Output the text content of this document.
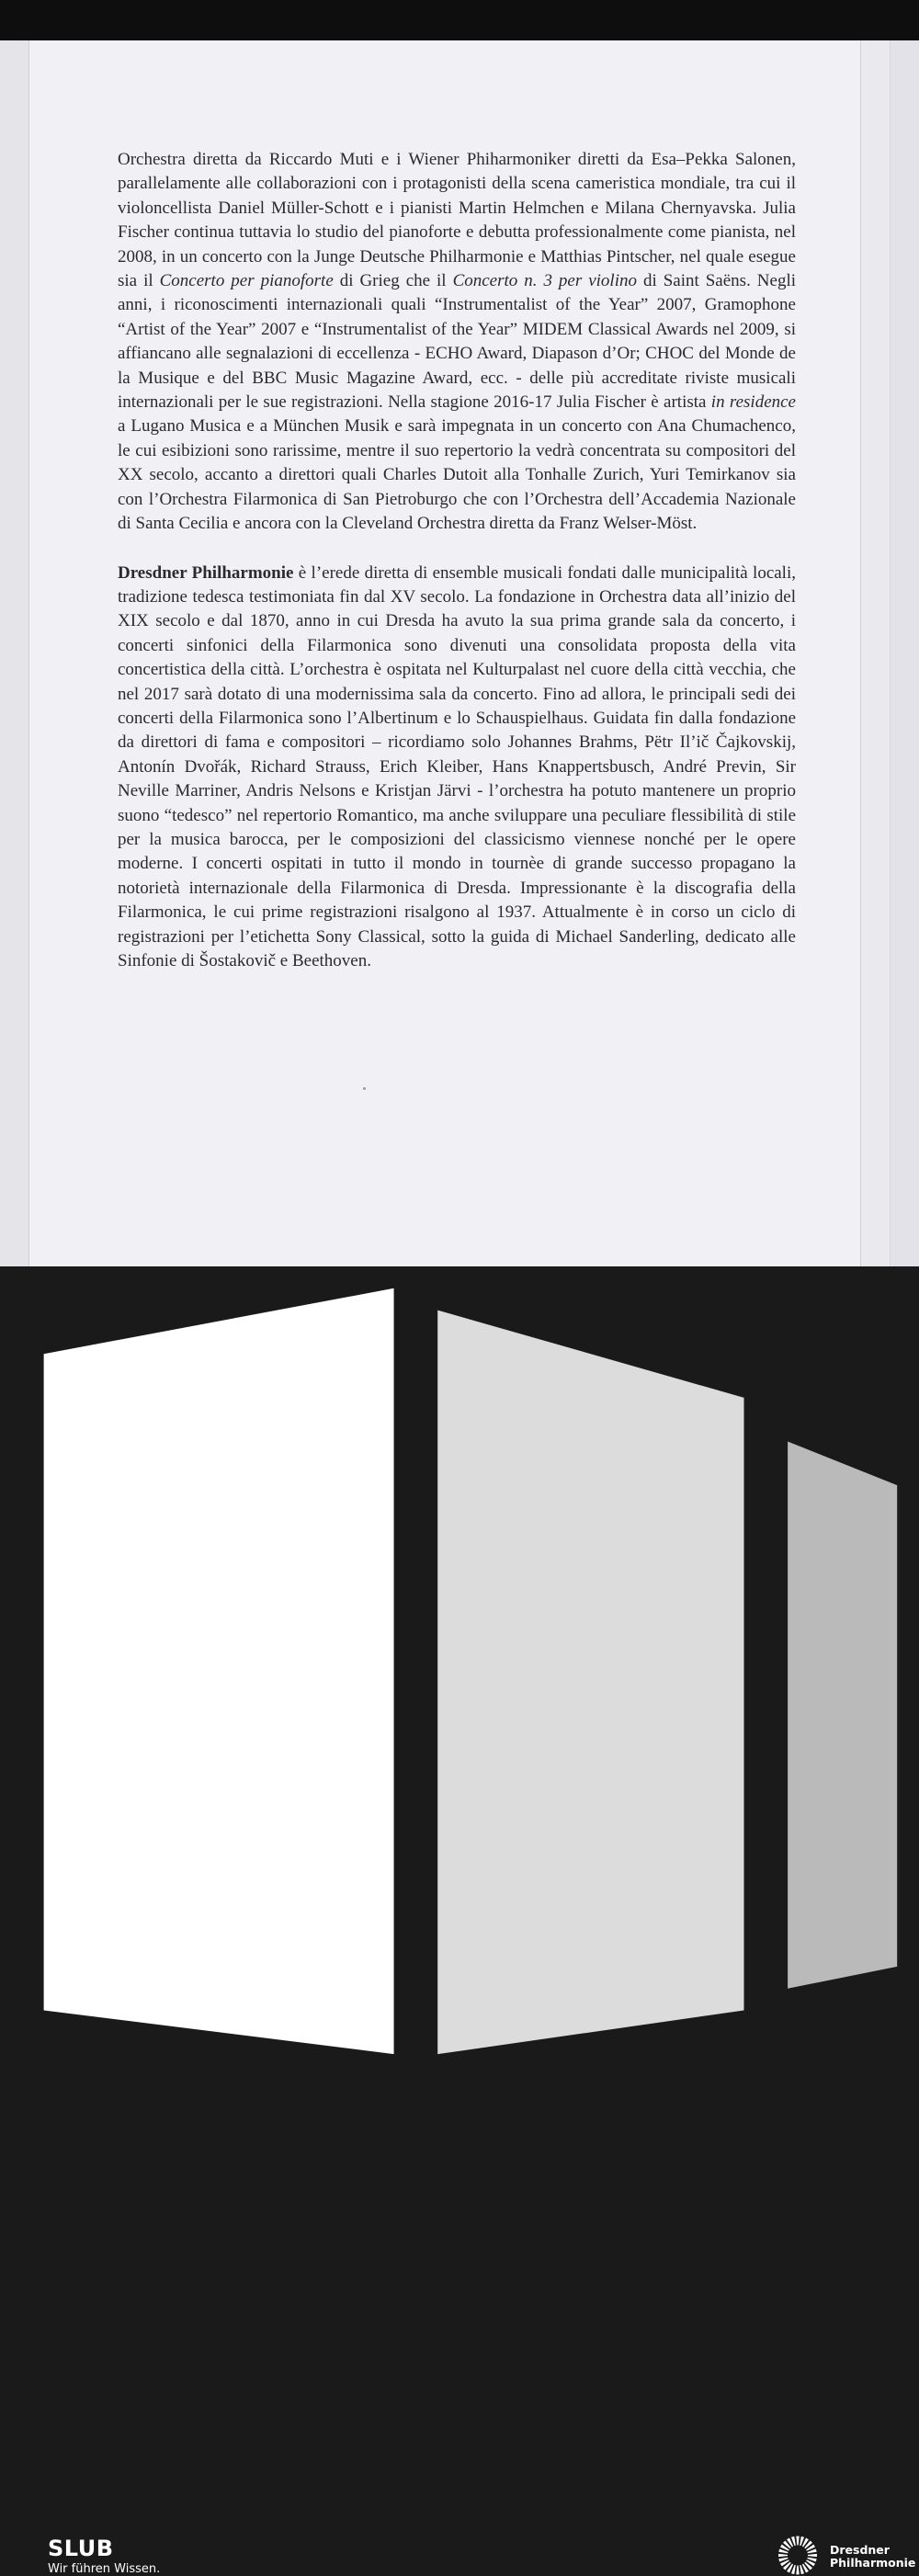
Orchestra diretta da Riccardo Muti e i Wiener Phiharmoniker diretti da Esa–Pekka Salonen, parallelamente alle collaborazioni con i protagonisti della scena cameristica mondiale, tra cui il violoncellista Daniel Müller-Schott e i pianisti Martin Helmchen e Milana Chernyavska. Julia Fischer continua tuttavia lo studio del pianoforte e debutta professionalmente come pianista, nel 2008, in un concerto con la Junge Deutsche Philharmonie e Matthias Pintscher, nel quale esegue sia il Concerto per pianoforte di Grieg che il Concerto n. 3 per violino di Saint Saëns. Negli anni, i riconoscimenti internazionali quali “Instrumentalist of the Year” 2007, Gramophone “Artist of the Year” 2007 e “Instrumentalist of the Year” MIDEM Classical Awards nel 2009, si affiancano alle segnalazioni di eccellenza - ECHO Award, Diapason d’Or; CHOC del Monde de la Musique e del BBC Music Magazine Award, ecc. - delle più accreditate riviste musicali internazionali per le sue registrazioni. Nella stagione 2016-17 Julia Fischer è artista in residence a Lugano Musica e a München Musik e sarà impegnata in un concerto con Ana Chumachenco, le cui esibizioni sono rarissime, mentre il suo repertorio la vedrà concentrata su compositori del XX secolo, accanto a direttori quali Charles Dutoit alla Tonhalle Zurich, Yuri Temirkanov sia con l’Orchestra Filarmonica di San Pietroburgo che con l’Orchestra dell’Accademia Nazionale di Santa Cecilia e ancora con la Cleveland Orchestra diretta da Franz Welser-Möst.

Dresdner Philharmonie è l’erede diretta di ensemble musicali fondati dalle municipalità locali, tradizione tedesca testimoniata fin dal XV secolo. La fondazione in Orchestra data all’inizio del XIX secolo e dal 1870, anno in cui Dresda ha avuto la sua prima grande sala da concerto, i concerti sinfonici della Filarmonica sono divenuti una consolidata proposta della vita concertistica della città. L’orchestra è ospitata nel Kulturpalast nel cuore della città vecchia, che nel 2017 sarà dotato di una modernissima sala da concerto. Fino ad allora, le principali sedi dei concerti della Filarmonica sono l’Albertinum e lo Schauspielhaus. Guidata fin dalla fondazione da direttori di fama e compositori – ricordiamo solo Johannes Brahms, Pëtr Il’ič Čajkovskij, Antonín Dvořák, Richard Strauss, Erich Kleiber, Hans Knappertsbusch, André Previn, Sir Neville Marriner, Andris Nelsons e Kristjan Järvi - l’orchestra ha potuto mantenere un proprio suono “tedesco” nel repertorio Romantico, ma anche sviluppare una peculiare flessibilità di stile per la musica barocca, per le composizioni del classicismo viennese nonché per le opere moderne. I concerti ospitati in tutto il mondo in tournèe di grande successo propagano la notorietà internazionale della Filarmonica di Dresda. Impressionante è la discografia della Filarmonica, le cui prime registrazioni risalgono al 1937. Attualmente è in corso un ciclo di registrazioni per l’etichetta Sony Classical, sotto la guida di Michael Sanderling, dedicato alle Sinfonie di Šostakovič e Beethoven.

SLUB
Wir führen Wissen.
Dresdner
Philharmonie
